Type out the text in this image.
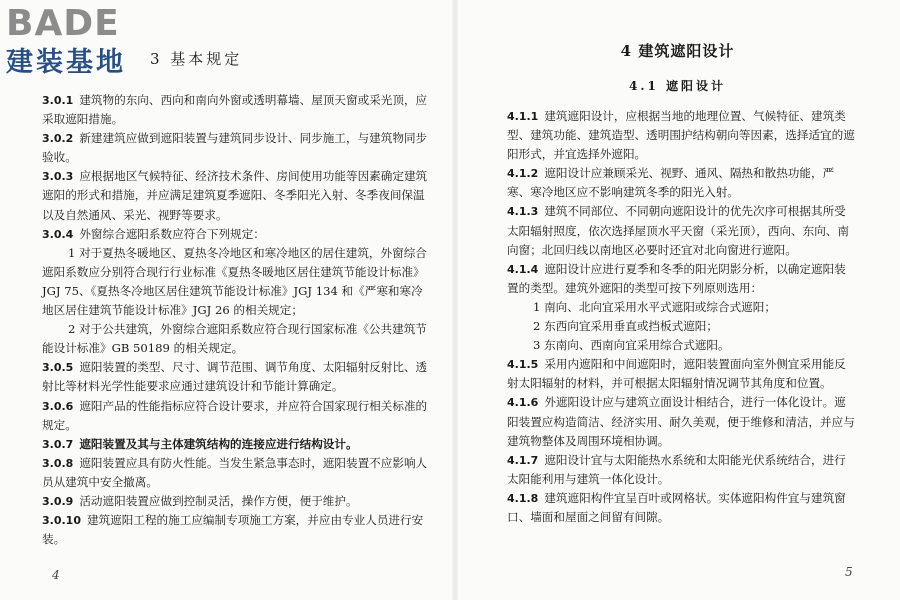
BADE
建装基地	3 基本规定

3.0.1 建筑物的东向、西向和南向外窗或透明幕墙、屋顶天窗或采光顶，应采取遮阳措施。

3.0.2 新建建筑应做到遮阳装置与建筑同步设计、同步施工，与建筑物同步验收。

3.0.3 应根据地区气候特征、经济技术条件、房间使用功能等因素确定建筑遮阳的形式和措施，并应满足建筑夏季遮阳、冬季阳光入射、冬季夜间保温以及自然通风、采光、视野等要求。

3.0.4 外窗综合遮阳系数应符合下列规定：

1 对于夏热冬暖地区、夏热冬冷地区和寒冷地区的居住建筑，外窗综合遮阳系数应分别符合现行行业标准《夏热冬暖地区居住建筑节能设计标准》JGJ 75、《夏热冬冷地区居住建筑节能设计标准》JGJ 134 和《严寒和寒冷地区居住建筑节能设计标准》JGJ 26 的相关规定；

2 对于公共建筑，外窗综合遮阳系数应符合现行国家标准《公共建筑节能设计标准》GB 50189 的相关规定。

3.0.5 遮阳装置的类型、尺寸、调节范围、调节角度、太阳辐射反射比、透射比等材料光学性能要求应通过建筑设计和节能计算确定。

3.0.6 遮阳产品的性能指标应符合设计要求，并应符合国家现行相关标准的规定。

3.0.7 遮阳装置及其与主体建筑结构的连接应进行结构设计。

3.0.8 遮阳装置应具有防火性能。当发生紧急事态时，遮阳装置不应影响人员从建筑中安全撤离。

3.0.9 活动遮阳装置应做到控制灵活，操作方便，便于维护。

3.0.10 建筑遮阳工程的施工应编制专项施工方案，并应由专业人员进行安装。

4
4 建筑遮阳设计
4.1 遮阳设计

4.1.1 建筑遮阳设计，应根据当地的地理位置、气候特征、建筑类型、建筑功能、建筑造型、透明围护结构朝向等因素，选择适宜的遮阳形式，并宜选择外遮阳。

4.1.2 遮阳设计应兼顾采光、视野、通风、隔热和散热功能，严寒、寒冷地区应不影响建筑冬季的阳光入射。

4.1.3 建筑不同部位、不同朝向遮阳设计的优先次序可根据其所受太阳辐射照度，依次选择屋顶水平天窗（采光顶），西向、东向、南向窗；北回归线以南地区必要时还宜对北向窗进行遮阳。

4.1.4 遮阳设计应进行夏季和冬季的阳光阴影分析，以确定遮阳装置的类型。建筑外遮阳的类型可按下列原则选用：

1 南向、北向宜采用水平式遮阳或综合式遮阳；

2 东西向宜采用垂直或挡板式遮阳；

3 东南向、西南向宜采用综合式遮阳。

4.1.5 采用内遮阳和中间遮阳时，遮阳装置面向室外侧宜采用能反射太阳辐射的材料，并可根据太阳辐射情况调节其角度和位置。

4.1.6 外遮阳设计应与建筑立面设计相结合，进行一体化设计。遮阳装置应构造简洁、经济实用、耐久美观，便于维修和清洁，并应与建筑物整体及周围环境相协调。

4.1.7 遮阳设计宜与太阳能热水系统和太阳能光伏系统结合，进行太阳能利用与建筑一体化设计。

4.1.8 建筑遮阳构件宜呈百叶或网格状。实体遮阳构件宜与建筑窗口、墙面和屋面之间留有间隙。

5
